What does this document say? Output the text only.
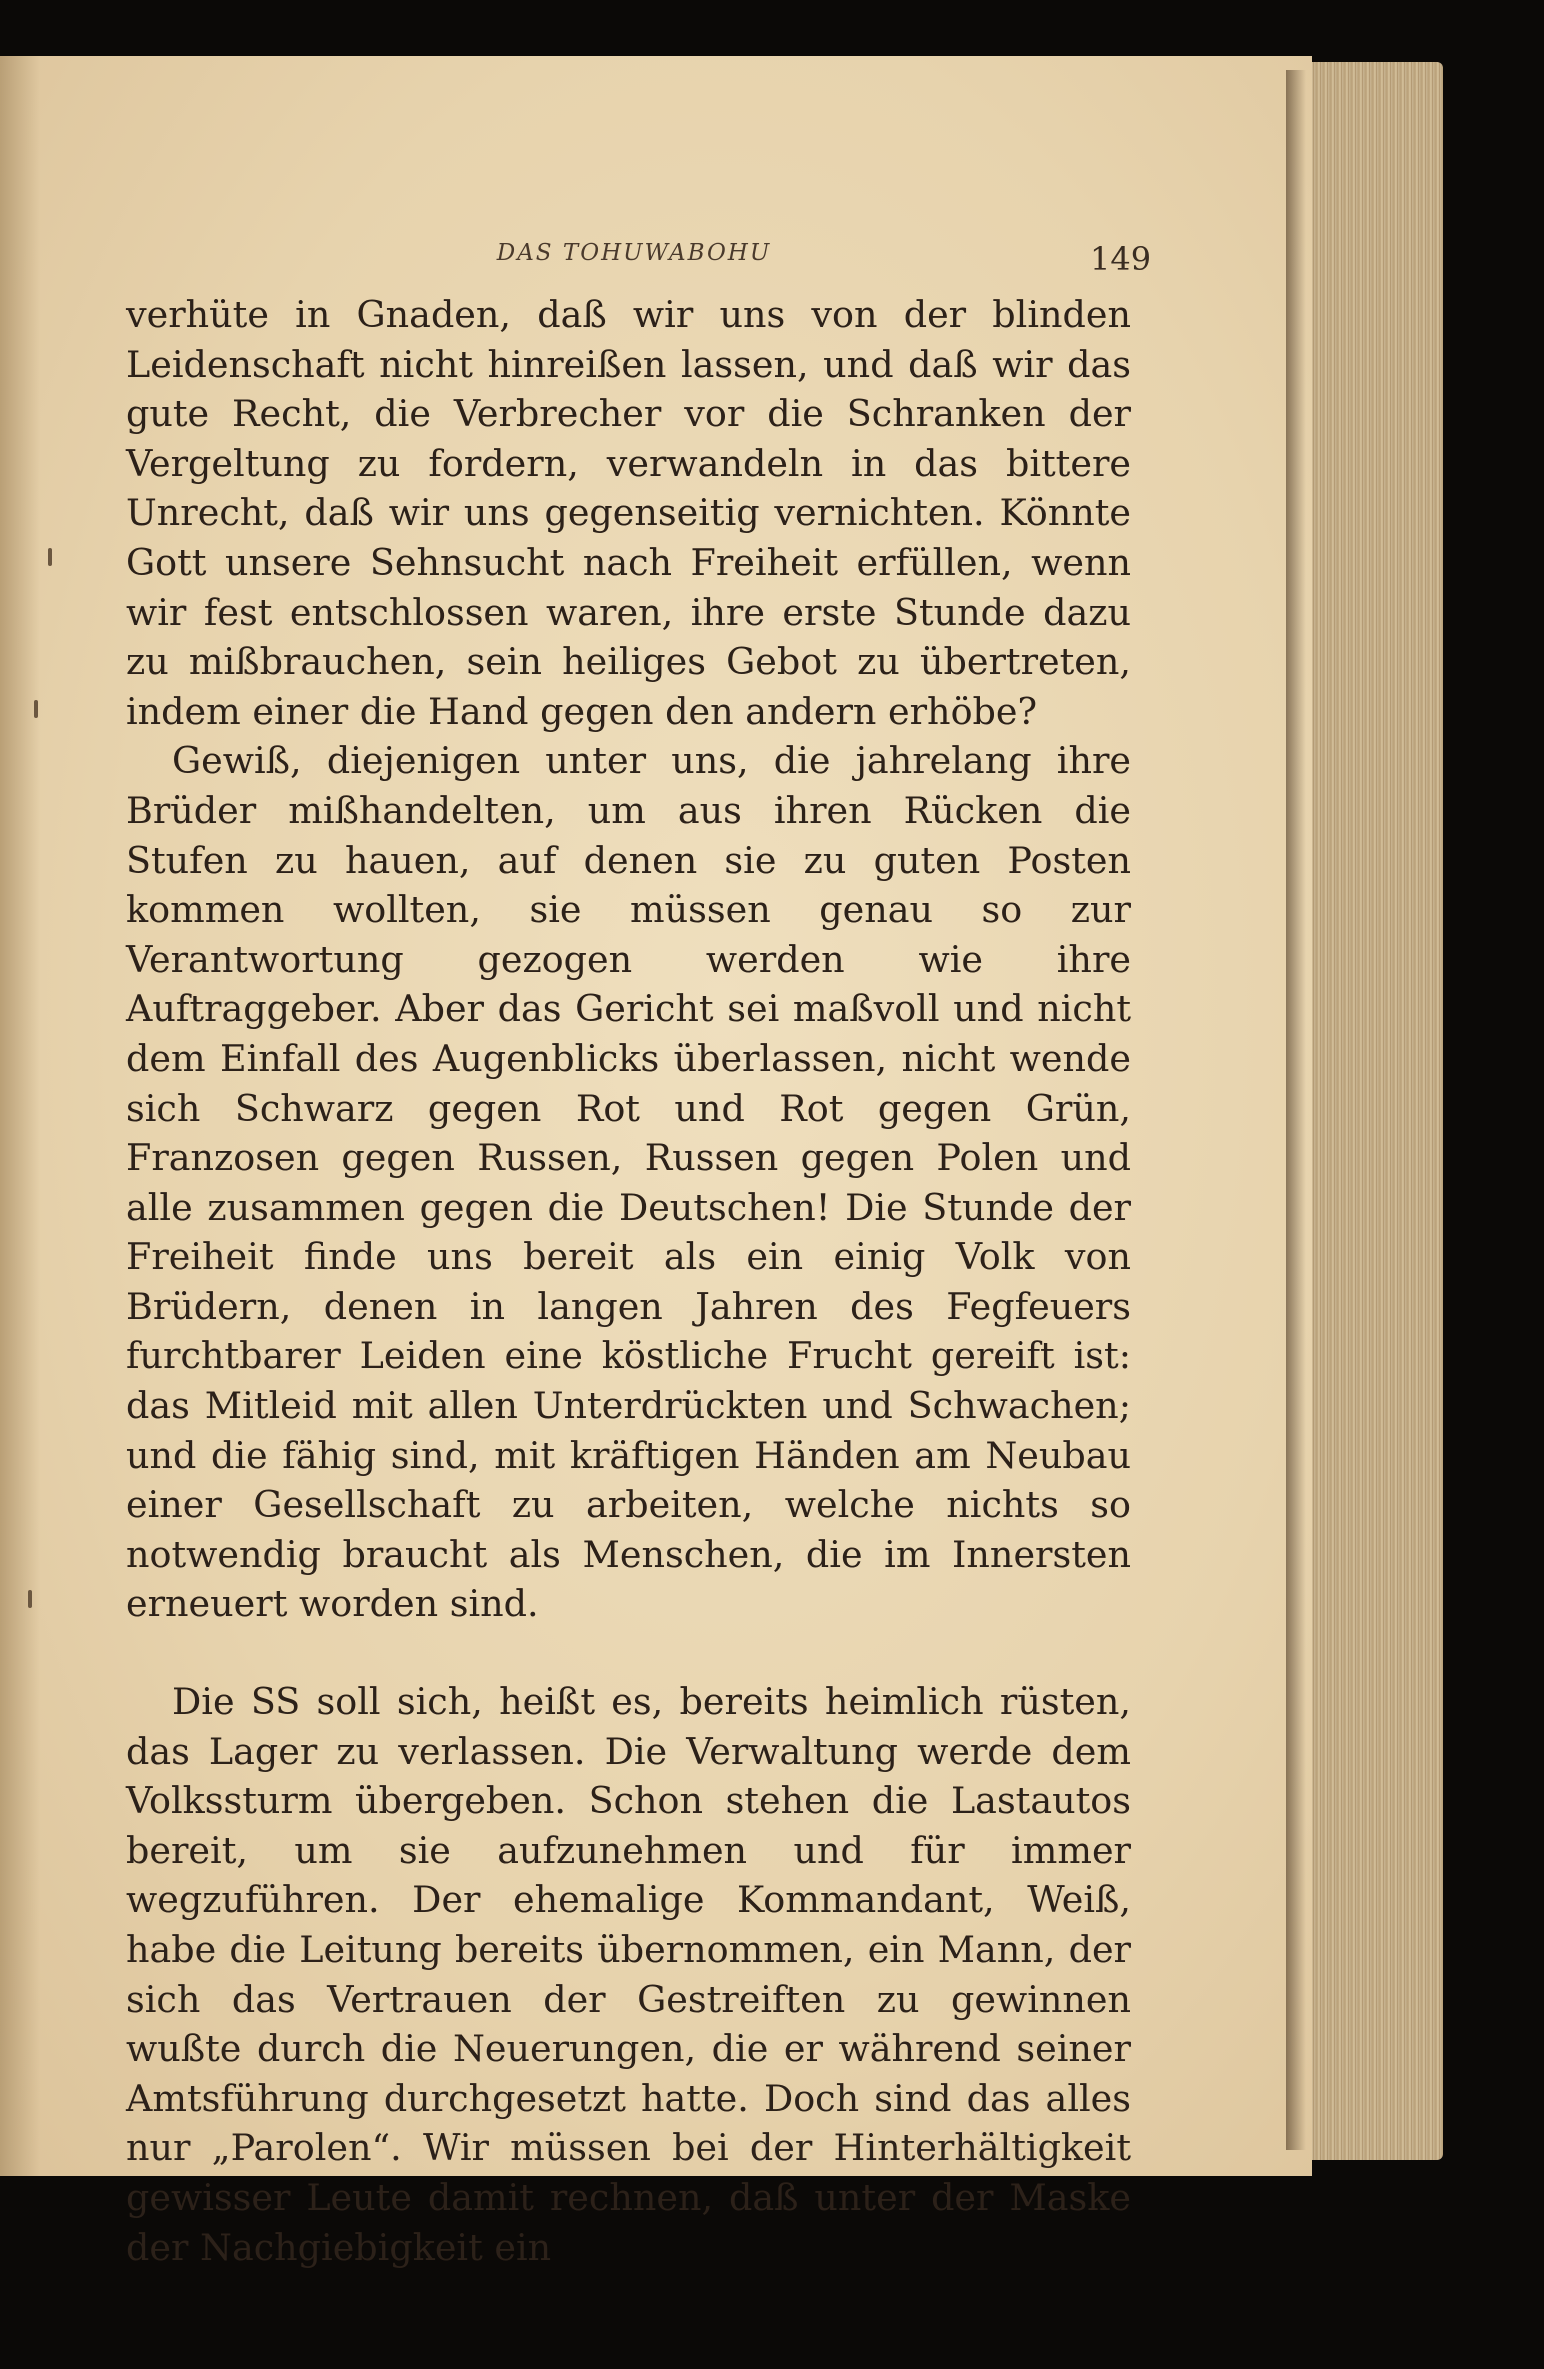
DAS TOHUWABOHU	149

verhüte in Gnaden, daß wir uns von der blinden Leidenschaft nicht hinreißen lassen, und daß wir das gute Recht, die Verbrecher vor die Schranken der Vergeltung zu fordern, verwandeln in das bittere Unrecht, daß wir uns gegenseitig vernichten. Könnte Gott unsere Sehnsucht nach Freiheit erfüllen, wenn wir fest entschlossen waren, ihre erste Stunde dazu zu mißbrauchen, sein heiliges Gebot zu übertreten, indem einer die Hand gegen den andern erhöbe?

Gewiß, diejenigen unter uns, die jahrelang ihre Brüder mißhandelten, um aus ihren Rücken die Stufen zu hauen, auf denen sie zu guten Posten kommen wollten, sie müssen genau so zur Verantwortung gezogen werden wie ihre Auftraggeber. Aber das Gericht sei maßvoll und nicht dem Einfall des Augenblicks überlassen, nicht wende sich Schwarz gegen Rot und Rot gegen Grün, Franzosen gegen Russen, Russen gegen Polen und alle zusammen gegen die Deutschen! Die Stunde der Freiheit finde uns bereit als ein einig Volk von Brüdern, denen in langen Jahren des Fegfeuers furchtbarer Leiden eine köstliche Frucht gereift ist: das Mitleid mit allen Unterdrückten und Schwachen; und die fähig sind, mit kräftigen Händen am Neubau einer Gesellschaft zu arbeiten, welche nichts so notwendig braucht als Menschen, die im Innersten erneuert worden sind.

Die SS soll sich, heißt es, bereits heimlich rüsten, das Lager zu verlassen. Die Verwaltung werde dem Volkssturm übergeben. Schon stehen die Lastautos bereit, um sie aufzunehmen und für immer wegzuführen. Der ehemalige Kommandant, Weiß, habe die Leitung bereits übernommen, ein Mann, der sich das Vertrauen der Gestreiften zu gewinnen wußte durch die Neuerungen, die er während seiner Amtsführung durchgesetzt hatte. Doch sind das alles nur „Parolen“. Wir müssen bei der Hinterhältigkeit gewisser Leute damit rechnen, daß unter der Maske der Nachgiebigkeit ein
